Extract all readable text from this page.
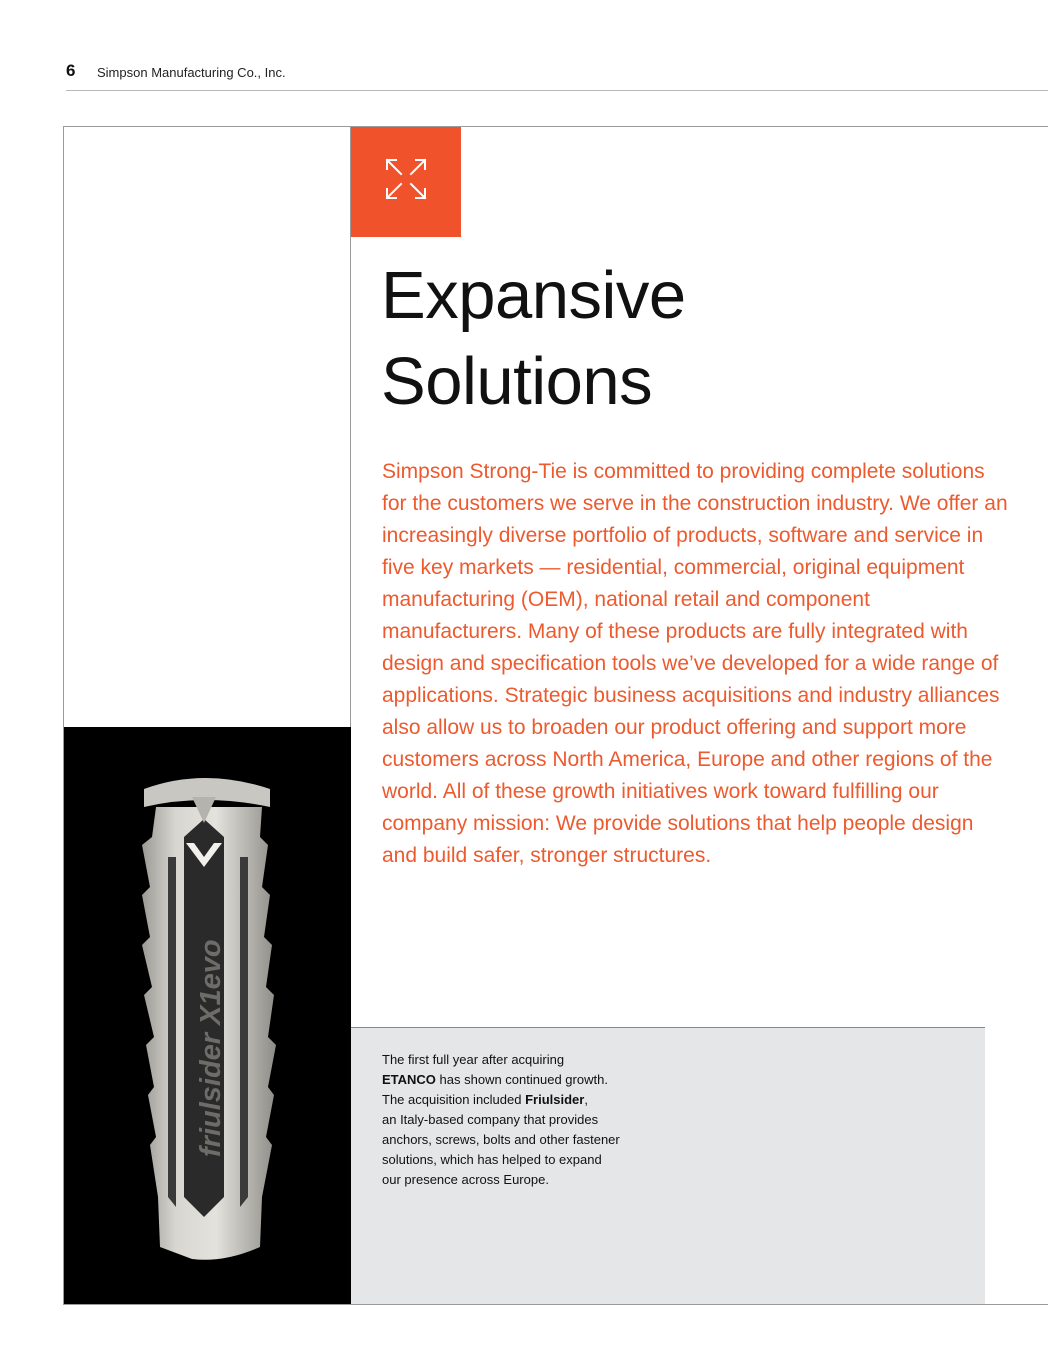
6 Simpson Manufacturing Co., Inc.
Expansive
Solutions

Simpson Strong-Tie is committed to providing complete solutions for the customers we serve in the construction industry. We offer an increasingly diverse portfolio of products, software and service in five key markets — residential, commercial, original equipment manufacturing (OEM), national retail and component manufacturers. Many of these products are fully integrated with design and specification tools we’ve developed for a wide range of applications. Strategic business acquisitions and industry alliances also allow us to broaden our product offering and support more customers across North America, Europe and other regions of the world. All of these growth initiatives work toward fulfilling our company mission: We provide solutions that help people design and build safer, stronger structures.

friulsider X1evo	The first full year after acquiring
ETANCO has shown continued growth.
The acquisition included Friulsider,
an Italy-based company that provides
anchors, screws, bolts and other fastener
solutions, which has helped to expand
our presence across Europe.
